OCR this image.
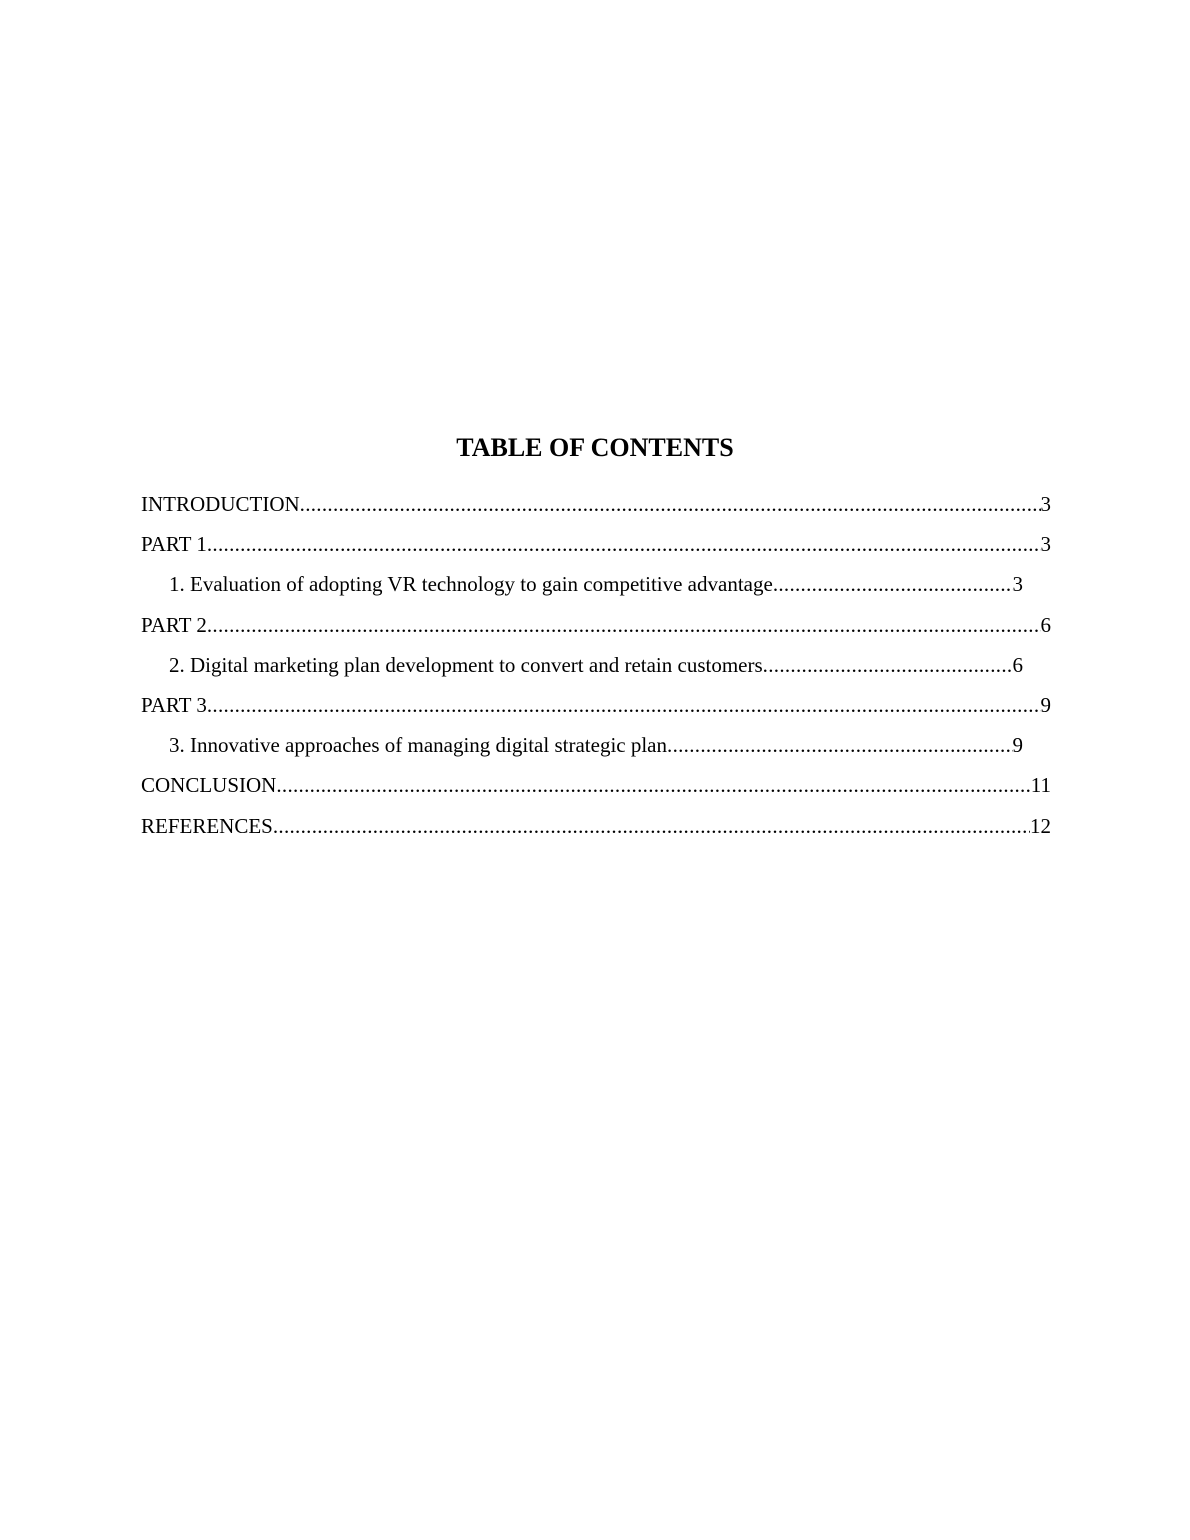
TABLE OF CONTENTS
INTRODUCTION .....	3
PART 1 .....	3
1. Evaluation of adopting VR technology to gain competitive advantage .....	3
PART 2 .....	6
2. Digital marketing plan development to convert and retain customers .....	6
PART 3 .....	9
3. Innovative approaches of managing digital strategic plan .....	9
CONCLUSION .....	11
REFERENCES .....	12
